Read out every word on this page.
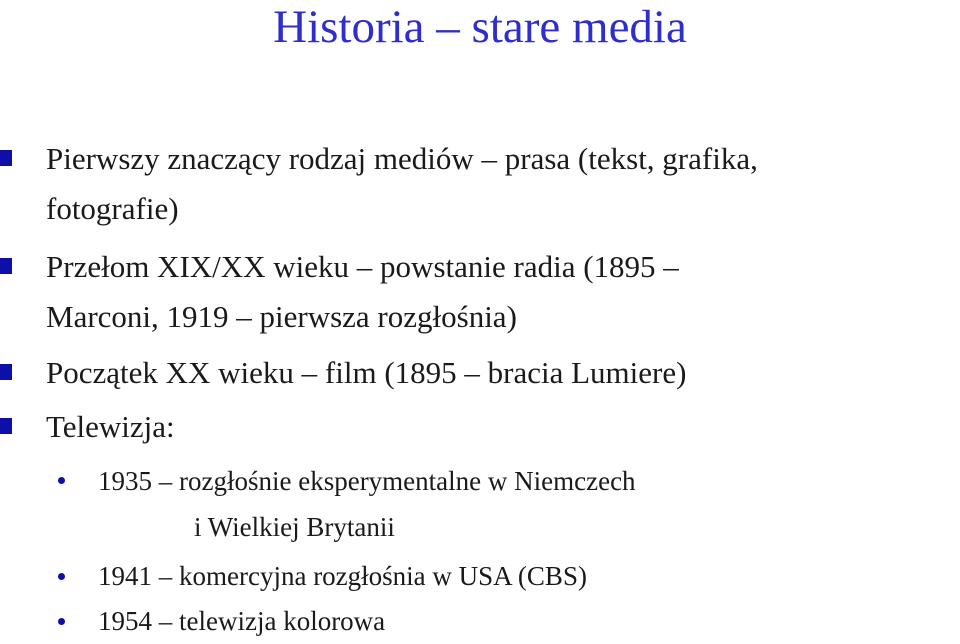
Historia – stare media
Pierwszy znaczący rodzaj mediów – prasa (tekst, grafika,
fotografie)
Przełom XIX/XX wieku – powstanie radia (1895 –
Marconi, 1919 – pierwsza rozgłośnia)
Początek XX wieku – film (1895 – bracia Lumiere)
Telewizja:
1935 – rozgłośnie eksperymentalne w Niemczech
i Wielkiej Brytanii
1941 – komercyjna rozgłośnia w USA (CBS)
1954 – telewizja kolorowa
